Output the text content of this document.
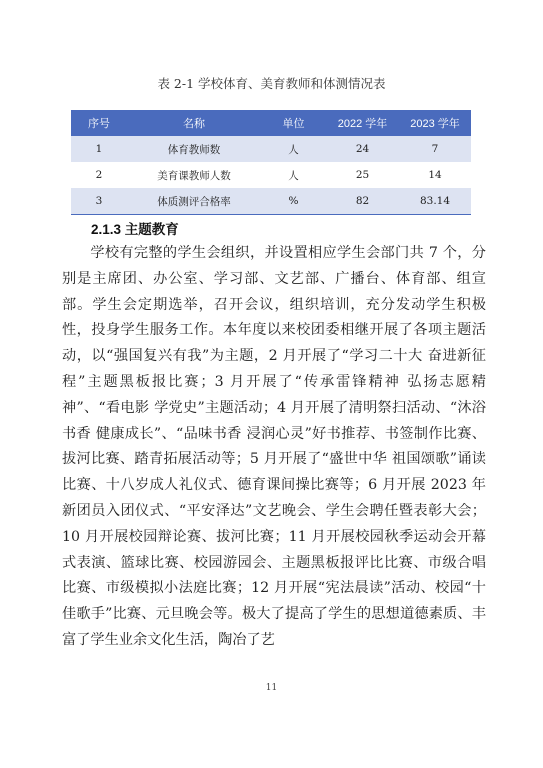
表 2-1 学校体育、美育教师和体测情况表
序号	名称	单位	2022 学年	2023 学年
1	体育教师数	人	24	7
2	美育课教师人数	人	25	14
3	体质测评合格率	%	82	83.14
2.1.3 主题教育

学校有完整的学生会组织，并设置相应学生会部门共 7 个，分别是主席团、办公室、学习部、文艺部、广播台、体育部、组宣部。学生会定期选举，召开会议，组织培训，充分发动学生积极性，投身学生服务工作。本年度以来校团委相继开展了各项主题活动，以“强国复兴有我”为主题，2 月开展了“学习二十大 奋进新征程”主题黑板报比赛；3 月开展了“传承雷锋精神 弘扬志愿精神”、“看电影 学党史”主题活动；4 月开展了清明祭扫活动、“沐浴书香 健康成长”、“品味书香 浸润心灵”好书推荐、书签制作比赛、拔河比赛、踏青拓展活动等；5 月开展了“盛世中华 祖国颂歌”诵读比赛、十八岁成人礼仪式、德育课间操比赛等；6 月开展 2023 年新团员入团仪式、“平安泽达”文艺晚会、学生会聘任暨表彰大会；10 月开展校园辩论赛、拔河比赛；11 月开展校园秋季运动会开幕式表演、篮球比赛、校园游园会、主题黑板报评比比赛、市级合唱比赛、市级模拟小法庭比赛；12 月开展“宪法晨读”活动、校园“十佳歌手”比赛、元旦晚会等。极大了提高了学生的思想道德素质、丰富了学生业余文化生活，陶冶了艺

11
